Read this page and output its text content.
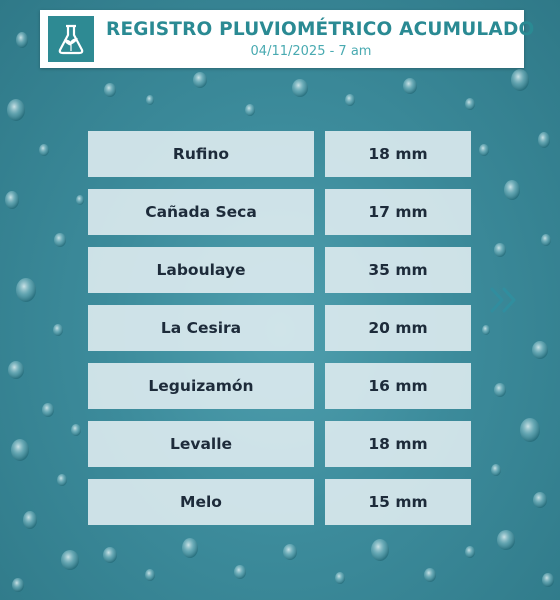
REGISTRO PLUVIOMÉTRICO ACUMULADO
04/11/2025 - 7 am
Rufino	18 mm
Cañada Seca	17 mm
Laboulaye	35 mm
La Cesira	20 mm
Leguizamón	16 mm
Levalle	18 mm
Melo	15 mm
